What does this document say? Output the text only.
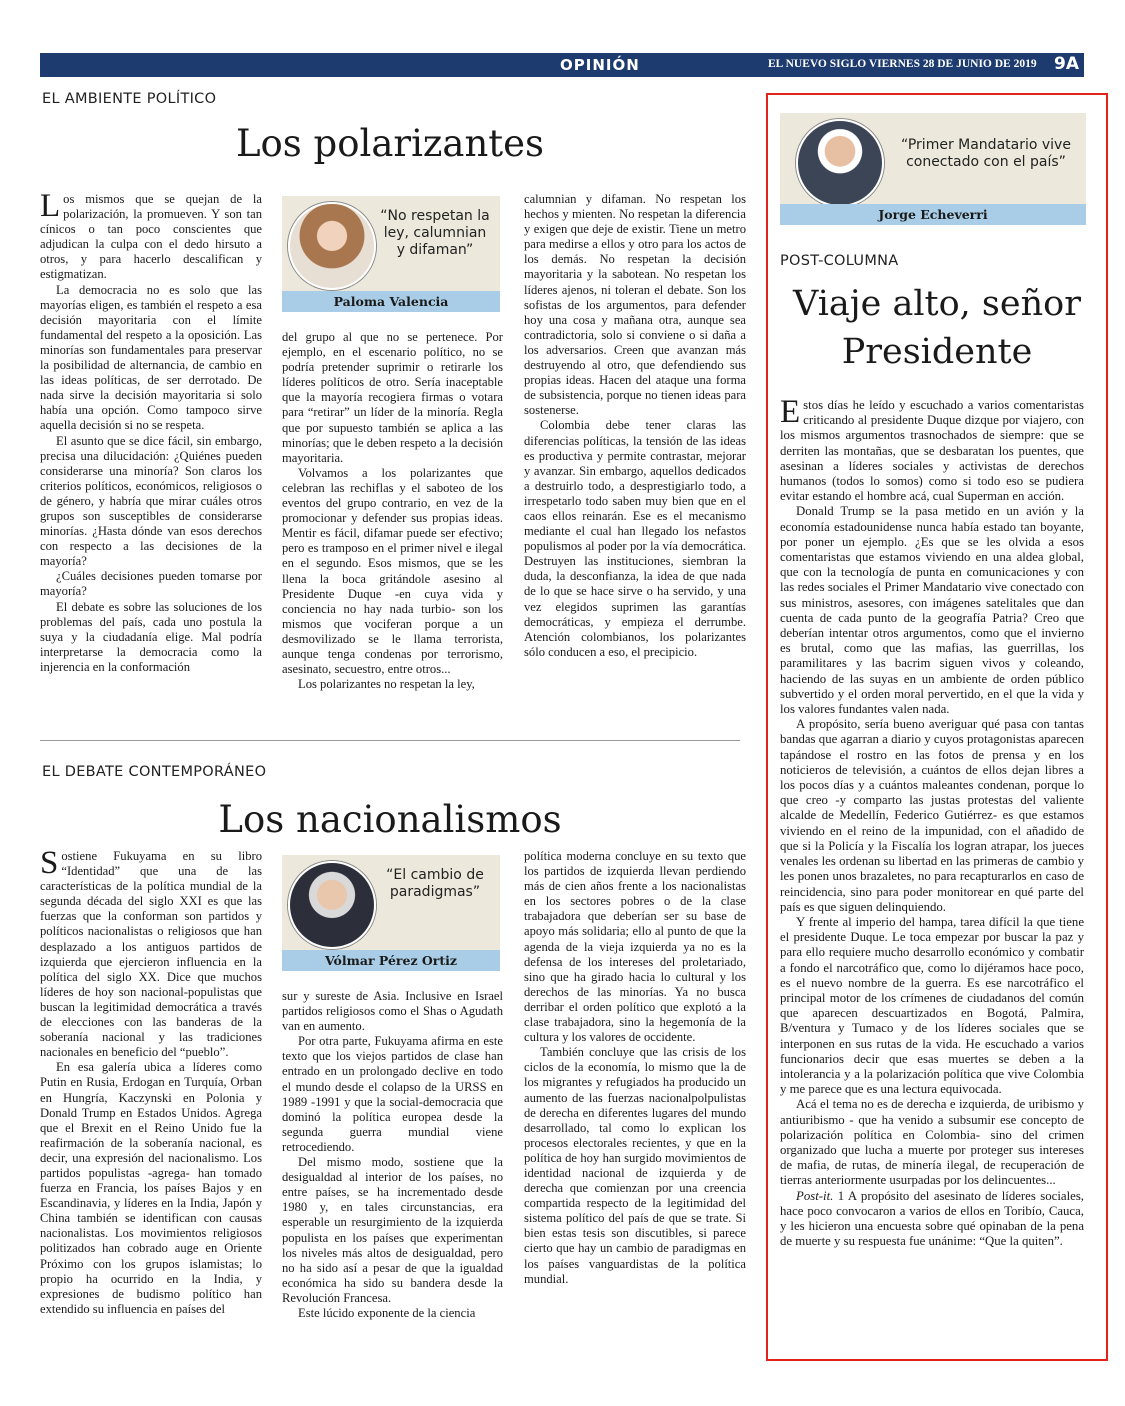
OPINIÓN	EL NUEVO SIGLO VIERNES 28 DE JUNIO DE 2019 9A
EL AMBIENTE POLÍTICO
Los polarizantes

Los mismos que se quejan de la polarización, la promueven. Y son tan cínicos o tan poco conscientes que adjudican la culpa con el dedo hirsuto a otros, y para hacerlo descalifican y estigmatizan.

La democracia no es solo que las mayorías eligen, es también el respeto a esa decisión mayoritaria con el límite fundamental del respeto a la oposición. Las minorías son fundamentales para preservar la posibilidad de alternancia, de cambio en las ideas políticas, de ser derrotado. De nada sirve la decisión mayoritaria si solo había una opción. Como tampoco sirve aquella decisión si no se respeta.

El asunto que se dice fácil, sin embargo, precisa una dilucidación: ¿Quiénes pueden considerarse una minoría? Son claros los criterios políticos, económicos, religiosos o de género, y habría que mirar cuáles otros grupos son susceptibles de considerarse minorías. ¿Hasta dónde van esos derechos con respecto a las decisiones de la mayoría?

¿Cuáles decisiones pueden tomarse por mayoría?

El debate es sobre las soluciones de los problemas del país, cada uno postula la suya y la ciudadanía elige. Mal podría interpretarse la democracia como la injerencia en la conformación

“No respetan la ley, calumnian y difaman”
Paloma Valencia

del grupo al que no se pertenece. Por ejemplo, en el escenario político, no se podría pretender suprimir o retirarle los líderes políticos de otro. Sería inaceptable que la mayoría recogiera firmas o votara para “retirar” un líder de la minoría. Regla que por supuesto también se aplica a las minorías; que le deben respeto a la decisión mayoritaria.

Volvamos a los polarizantes que celebran las rechiflas y el saboteo de los eventos del grupo contrario, en vez de la promocionar y defender sus propias ideas. Mentir es fácil, difamar puede ser efectivo; pero es tramposo en el primer nivel e ilegal en el segundo. Esos mismos, que se les llena la boca gritándole asesino al Presidente Duque -en cuya vida y conciencia no hay nada turbio- son los mismos que vociferan porque a un desmovilizado se le llama terrorista, aunque tenga condenas por terrorismo, asesinato, secuestro, entre otros...

Los polarizantes no respetan la ley,

calumnian y difaman. No respetan los hechos y mienten. No respetan la diferencia y exigen que deje de existir. Tiene un metro para medirse a ellos y otro para los actos de los demás. No respetan la decisión mayoritaria y la sabotean. No respetan los líderes ajenos, ni toleran el debate. Son los sofistas de los argumentos, para defender hoy una cosa y mañana otra, aunque sea contradictoria, solo si conviene o si daña a los adversarios. Creen que avanzan más destruyendo al otro, que defendiendo sus propias ideas. Hacen del ataque una forma de subsistencia, porque no tienen ideas para sostenerse.

Colombia debe tener claras las diferencias políticas, la tensión de las ideas es productiva y permite contrastar, mejorar y avanzar. Sin embargo, aquellos dedicados a destruirlo todo, a desprestigiarlo todo, a irrespetarlo todo saben muy bien que en el caos ellos reinarán. Ese es el mecanismo mediante el cual han llegado los nefastos populismos al poder por la vía democrática. Destruyen las instituciones, siembran la duda, la desconfianza, la idea de que nada de lo que se hace sirve o ha servido, y una vez elegidos suprimen las garantías democráticas, y empieza el derrumbe. Atención colombianos, los polarizantes sólo conducen a eso, el precipicio.

EL DEBATE CONTEMPORÁNEO
Los nacionalismos

Sostiene Fukuyama en su libro “Identidad” que una de las características de la política mundial de la segunda década del siglo XXI es que las fuerzas que la conforman son partidos y políticos nacionalistas o religiosos que han desplazado a los antiguos partidos de izquierda que ejercieron influencia en la política del siglo XX. Dice que muchos líderes de hoy son nacional-populistas que buscan la legitimidad democrática a través de elecciones con las banderas de la soberanía nacional y las tradiciones nacionales en beneficio del “pueblo”.

En esa galería ubica a líderes como Putin en Rusia, Erdogan en Turquía, Orban en Hungría, Kaczynski en Polonia y Donald Trump en Estados Unidos. Agrega que el Brexit en el Reino Unido fue la reafirmación de la soberanía nacional, es decir, una expresión del nacionalismo. Los partidos populistas -agrega- han tomado fuerza en Francia, los países Bajos y en Escandinavia, y líderes en la India, Japón y China también se identifican con causas nacionalistas. Los movimientos religiosos politizados han cobrado auge en Oriente Próximo con los grupos islamistas; lo propio ha ocurrido en la India, y expresiones de budismo político han extendido su influencia en países del

“El cambio de paradigmas”
Vólmar Pérez Ortiz

sur y sureste de Asia. Inclusive en Israel partidos religiosos como el Shas o Agudath van en aumento.

Por otra parte, Fukuyama afirma en este texto que los viejos partidos de clase han entrado en un prolongado declive en todo el mundo desde el colapso de la URSS en 1989 -1991 y que la social-democracia que dominó la política europea desde la segunda guerra mundial viene retrocediendo.

Del mismo modo, sostiene que la desigualdad al interior de los países, no entre países, se ha incrementado desde 1980 y, en tales circunstancias, era esperable un resurgimiento de la izquierda populista en los países que experimentan los niveles más altos de desigualdad, pero no ha sido así a pesar de que la igualdad económica ha sido su bandera desde la Revolución Francesa.

Este lúcido exponente de la ciencia

política moderna concluye en su texto que los partidos de izquierda llevan perdiendo más de cien años frente a los nacionalistas en los sectores pobres o de la clase trabajadora que deberían ser su base de apoyo más solidaria; ello al punto de que la agenda de la vieja izquierda ya no es la defensa de los intereses del proletariado, sino que ha girado hacia lo cultural y los derechos de las minorías. Ya no busca derribar el orden político que explotó a la clase trabajadora, sino la hegemonía de la cultura y los valores de occidente.

También concluye que las crisis de los ciclos de la economía, lo mismo que la de los migrantes y refugiados ha producido un aumento de las fuerzas nacionalpolpulistas de derecha en diferentes lugares del mundo desarrollado, tal como lo explican los procesos electorales recientes, y que en la política de hoy han surgido movimientos de identidad nacional de izquierda y de derecha que comienzan por una creencia compartida respecto de la legitimidad del sistema político del país de que se trate. Si bien estas tesis son discutibles, si parece cierto que hay un cambio de paradigmas en los países vanguardistas de la política mundial.

“Primer Mandatario vive conectado con el país”
Jorge Echeverri
POST-COLUMNA
Viaje alto, señor
Presidente

Estos días he leído y escuchado a varios comentaristas criticando al presidente Duque dizque por viajero, con los mismos argumentos trasnochados de siempre: que se derriten las montañas, que se desbaratan los puentes, que asesinan a líderes sociales y activistas de derechos humanos (todos lo somos) como si todo eso se pudiera evitar estando el hombre acá, cual Superman en acción.

Donald Trump se la pasa metido en un avión y la economía estadounidense nunca había estado tan boyante, por poner un ejemplo. ¿Es que se les olvida a esos comentaristas que estamos viviendo en una aldea global, que con la tecnología de punta en comunicaciones y con las redes sociales el Primer Mandatario vive conectado con sus ministros, asesores, con imágenes satelitales que dan cuenta de cada punto de la geografía Patria? Creo que deberían intentar otros argumentos, como que el invierno es brutal, como que las mafias, las guerrillas, los paramilitares y las bacrim siguen vivos y coleando, haciendo de las suyas en un ambiente de orden público subvertido y el orden moral pervertido, en el que la vida y los valores fundantes valen nada.

A propósito, sería bueno averiguar qué pasa con tantas bandas que agarran a diario y cuyos protagonistas aparecen tapándose el rostro en las fotos de prensa y en los noticieros de televisión, a cuántos de ellos dejan libres a los pocos días y a cuántos maleantes condenan, porque lo que creo -y comparto las justas protestas del valiente alcalde de Medellín, Federico Gutiérrez- es que estamos viviendo en el reino de la impunidad, con el añadido de que si la Policía y la Fiscalía los logran atrapar, los jueces venales les ordenan su libertad en las primeras de cambio y les ponen unos brazaletes, no para recapturarlos en caso de reincidencia, sino para poder monitorear en qué parte del país es que siguen delinquiendo.

Y frente al imperio del hampa, tarea difícil la que tiene el presidente Duque. Le toca empezar por buscar la paz y para ello requiere mucho desarrollo económico y combatir a fondo el narcotráfico que, como lo dijéramos hace poco, es el nuevo nombre de la guerra. Es ese narcotráfico el principal motor de los crímenes de ciudadanos del común que aparecen descuartizados en Bogotá, Palmira, B/ventura y Tumaco y de los líderes sociales que se interponen en sus rutas de la vida. He escuchado a varios funcionarios decir que esas muertes se deben a la intolerancia y a la polarización política que vive Colombia y me parece que es una lectura equivocada.

Acá el tema no es de derecha e izquierda, de uribismo y antiuribismo - que ha venido a subsumir ese concepto de polarización política en Colombia- sino del crimen organizado que lucha a muerte por proteger sus intereses de mafia, de rutas, de minería ilegal, de recuperación de tierras anteriormente usurpadas por los delincuentes...

Post-it. 1 A propósito del asesinato de líderes sociales, hace poco convocaron a varios de ellos en Toribío, Cauca, y les hicieron una encuesta sobre qué opinaban de la pena de muerte y su respuesta fue unánime: “Que la quiten”.
